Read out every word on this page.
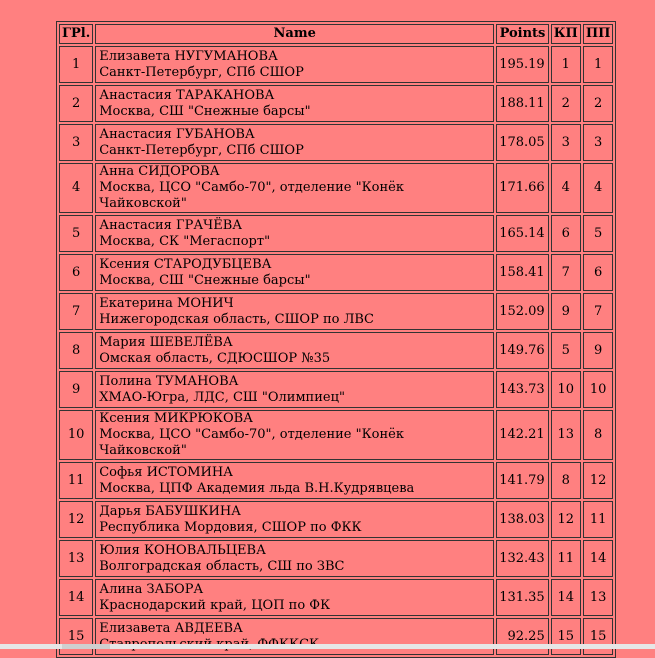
ГРl.	Name	Points	КП	ПП
1	Елизавета НУГУМАНОВА
Санкт-Петербург, СПб СШОР	195.19	1	1
2	Анастасия ТАРАКАНОВА
Москва, СШ "Снежные барсы"	188.11	2	2
3	Анастасия ГУБАНОВА
Санкт-Петербург, СПб СШОР	178.05	3	3
4	Анна СИДОРОВА
Москва, ЦСО "Самбо-70", отделение "Конёк Чайковской"	171.66	4	4
5	Анастасия ГРАЧЁВА
Москва, СК "Мегаспорт"	165.14	6	5
6	Ксения СТАРОДУБЦЕВА
Москва, СШ "Снежные барсы"	158.41	7	6
7	Екатерина МОНИЧ
Нижегородская область, СШОР по ЛВС	152.09	9	7
8	Мария ШЕВЕЛЁВА
Омская область, СДЮСШОР №35	149.76	5	9
9	Полина ТУМАНОВА
ХМАО-Югра, ЛДС, СШ "Олимпиец"	143.73	10	10
10	Ксения МИКРЮКОВА
Москва, ЦСО "Самбо-70", отделение "Конёк Чайковской"	142.21	13	8
11	Софья ИСТОМИНА
Москва, ЦПФ Академия льда В.Н.Кудрявцева	141.79	8	12
12	Дарья БАБУШКИНА
Республика Мордовия, СШОР по ФКК	138.03	12	11
13	Юлия КОНОВАЛЬЦЕВА
Волгоградская область, СШ по ЗВС	132.43	11	14
14	Алина ЗАБОРА
Краснодарский край, ЦОП по ФК	131.35	14	13
15	Елизавета АВДЕЕВА	92.25	15	15
